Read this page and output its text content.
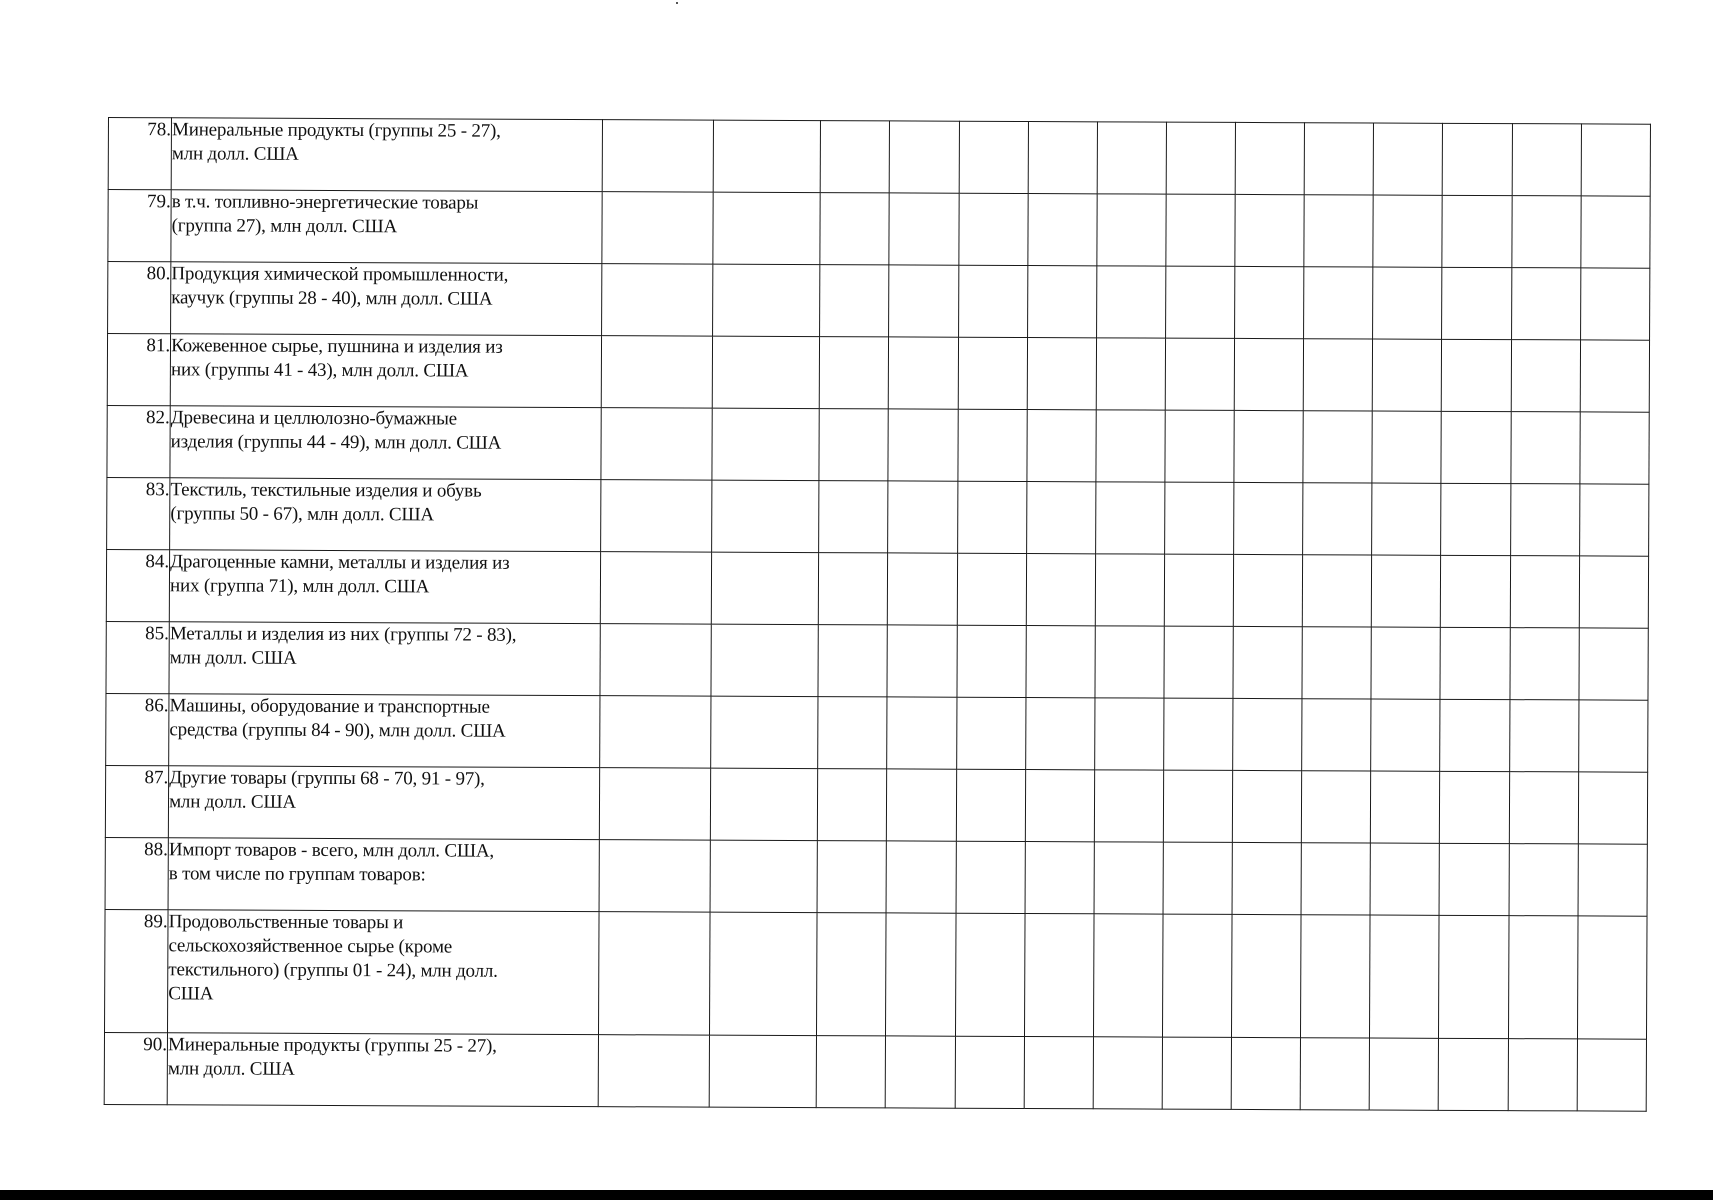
78.	Минеральные продукты (группы 25 - 27),
млн долл. США														

79.	в т.ч. топливно-энергетические товары
(группа 27), млн долл. США														

80.	Продукция химической промышленности,
каучук (группы 28 - 40), млн долл. США														

81.	Кожевенное сырье, пушнина и изделия из
них (группы 41 - 43), млн долл. США														

82.	Древесина и целлюлозно-бумажные
изделия (группы 44 - 49), млн долл. США														

83.	Текстиль, текстильные изделия и обувь
(группы 50 - 67), млн долл. США														

84.	Драгоценные камни, металлы и изделия из
них (группа 71), млн долл. США														

85.	Металлы и изделия из них (группы 72 - 83),
млн долл. США														

86.	Машины, оборудование и транспортные
средства (группы 84 - 90), млн долл. США														

87.	Другие товары (группы 68 - 70, 91 - 97),
млн долл. США														

88.	Импорт товаров - всего, млн долл. США,
в том числе по группам товаров:														

89.	Продовольственные товары и
сельскохозяйственное сырье (кроме
текстильного) (группы 01 - 24), млн долл.
США														

90.	Минеральные продукты (группы 25 - 27),
млн долл. США														
